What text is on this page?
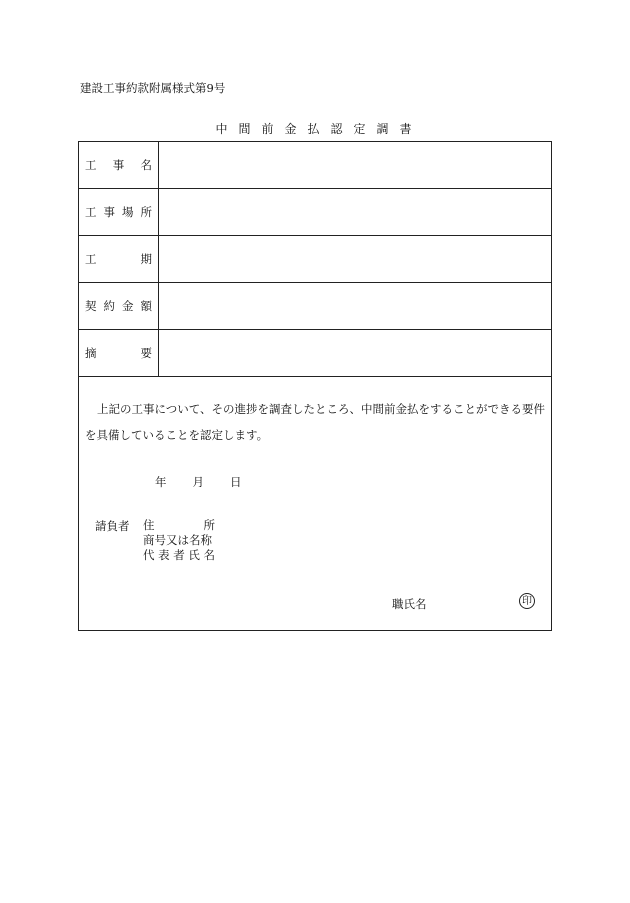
建設工事約款附属様式第9号
中間前金払認定調書
工 事 名
工 事 場 所
工	期
契 約 金 額
摘	要
上記の工事について、その進捗を調査したところ、中間前金払をすることができる要件を具備していることを認定します。
年 月 日
請負者 住	所
商号又は名称
代 表 者 氏 名
職氏名	印
